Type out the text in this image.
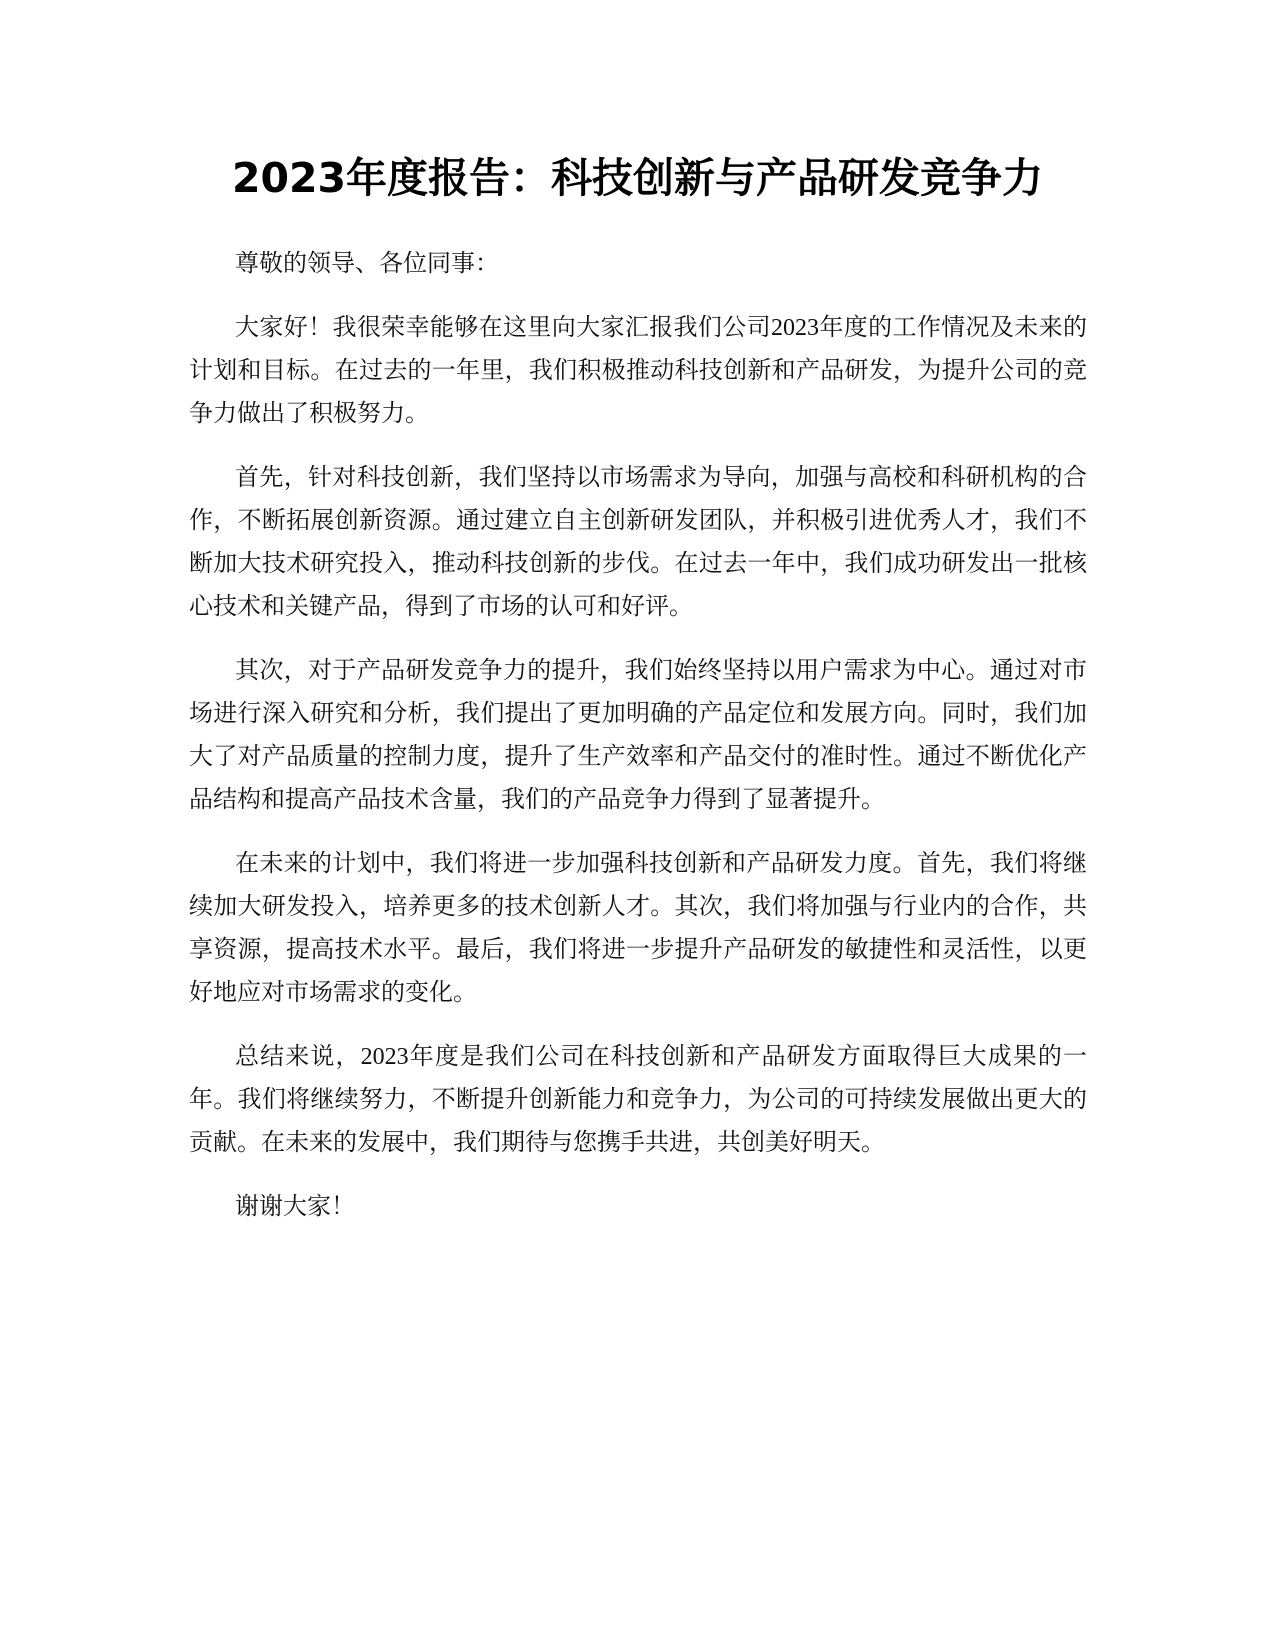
2023年度报告：科技创新与产品研发竞争力

尊敬的领导、各位同事：

大家好！我很荣幸能够在这里向大家汇报我们公司2023年度的工作情况及未来的计划和目标。在过去的一年里，我们积极推动科技创新和产品研发，为提升公司的竞争力做出了积极努力。

首先，针对科技创新，我们坚持以市场需求为导向，加强与高校和科研机构的合作，不断拓展创新资源。通过建立自主创新研发团队，并积极引进优秀人才，我们不断加大技术研究投入，推动科技创新的步伐。在过去一年中，我们成功研发出一批核心技术和关键产品，得到了市场的认可和好评。

其次，对于产品研发竞争力的提升，我们始终坚持以用户需求为中心。通过对市场进行深入研究和分析，我们提出了更加明确的产品定位和发展方向。同时，我们加大了对产品质量的控制力度，提升了生产效率和产品交付的准时性。通过不断优化产品结构和提高产品技术含量，我们的产品竞争力得到了显著提升。

在未来的计划中，我们将进一步加强科技创新和产品研发力度。首先，我们将继续加大研发投入，培养更多的技术创新人才。其次，我们将加强与行业内的合作，共享资源，提高技术水平。最后，我们将进一步提升产品研发的敏捷性和灵活性，以更好地应对市场需求的变化。

总结来说，2023年度是我们公司在科技创新和产品研发方面取得巨大成果的一年。我们将继续努力，不断提升创新能力和竞争力，为公司的可持续发展做出更大的贡献。在未来的发展中，我们期待与您携手共进，共创美好明天。

谢谢大家！
